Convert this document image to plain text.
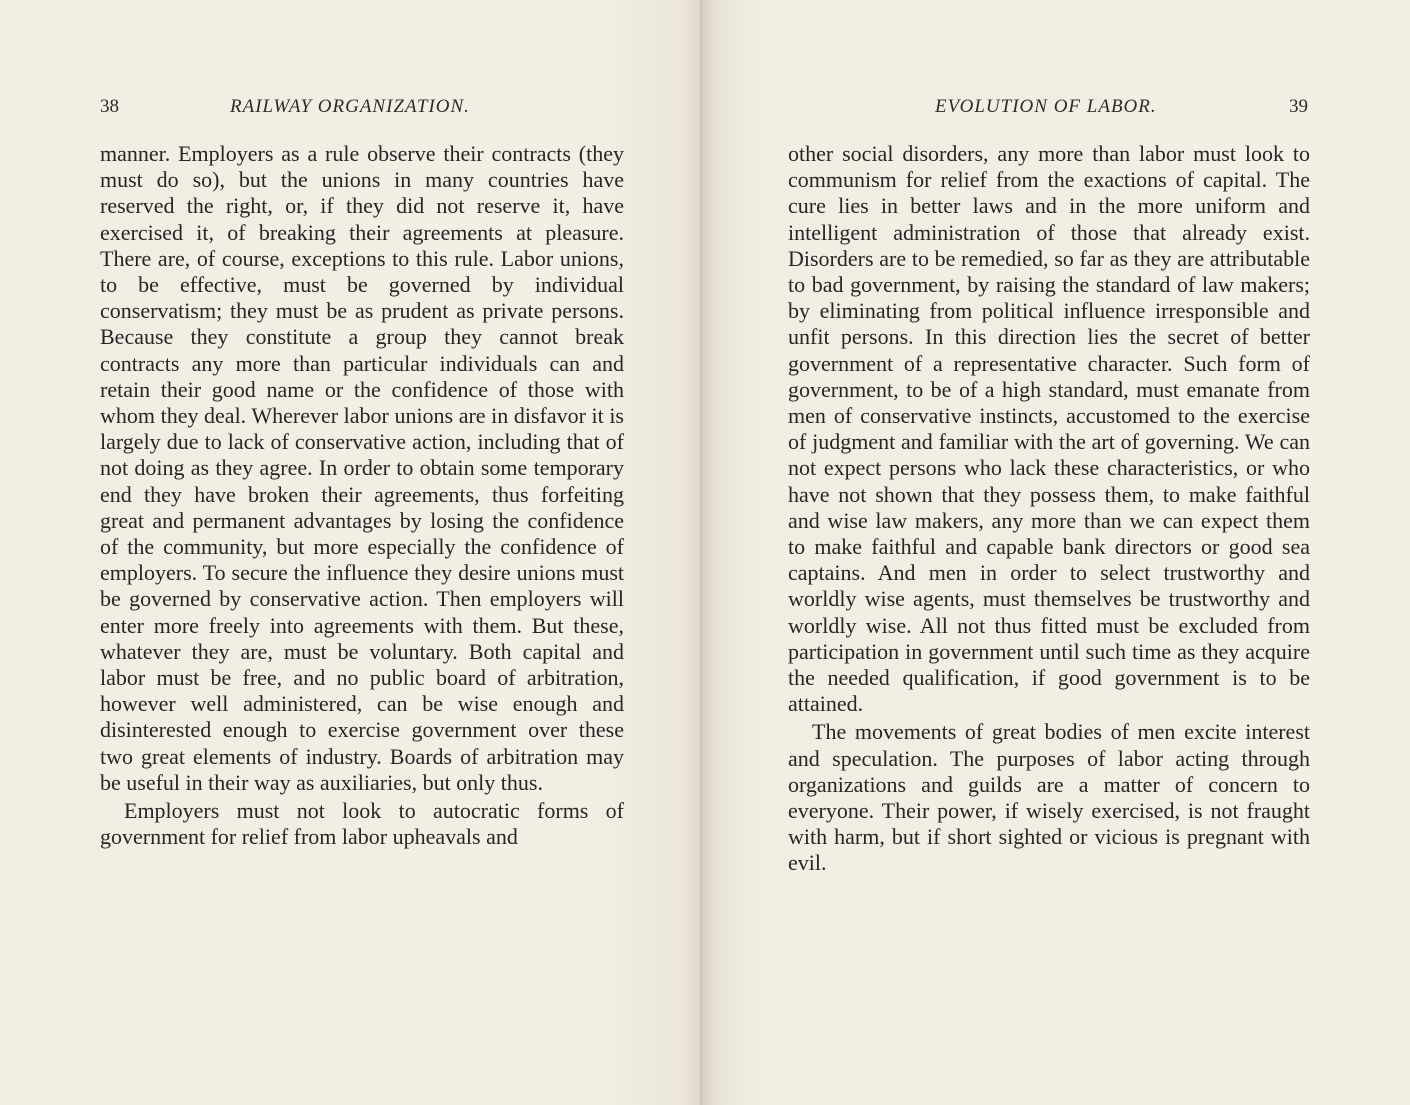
38	RAILWAY ORGANIZATION.

manner. Employers as a rule observe their contracts (they must do so), but the unions in many countries have reserved the right, or, if they did not reserve it, have exercised it, of breaking their agreements at pleasure. There are, of course, exceptions to this rule. Labor unions, to be effective, must be governed by individual conservatism; they must be as prudent as private persons. Because they constitute a group they cannot break contracts any more than particular individuals can and retain their good name or the confidence of those with whom they deal. Wherever labor unions are in disfavor it is largely due to lack of conservative action, including that of not doing as they agree. In order to obtain some temporary end they have broken their agreements, thus forfeiting great and permanent advantages by losing the confidence of the community, but more especially the confidence of employers. To secure the influence they desire unions must be governed by conservative action. Then employers will enter more freely into agreements with them. But these, whatever they are, must be voluntary. Both capital and labor must be free, and no public board of arbitration, however well administered, can be wise enough and disinterested enough to exercise government over these two great elements of industry. Boards of arbitration may be useful in their way as auxiliaries, but only thus.

Employers must not look to autocratic forms of government for relief from labor upheavals and

EVOLUTION OF LABOR.	39

other social disorders, any more than labor must look to communism for relief from the exactions of capital. The cure lies in better laws and in the more uniform and intelligent administration of those that already exist. Disorders are to be remedied, so far as they are attributable to bad government, by raising the standard of law makers; by eliminating from political influence irresponsible and unfit persons. In this direction lies the secret of better government of a representative character. Such form of government, to be of a high standard, must emanate from men of conservative instincts, accustomed to the exercise of judgment and familiar with the art of governing. We can not expect persons who lack these characteristics, or who have not shown that they possess them, to make faithful and wise law makers, any more than we can expect them to make faithful and capable bank directors or good sea captains. And men in order to select trustworthy and worldly wise agents, must themselves be trustworthy and worldly wise. All not thus fitted must be excluded from participation in government until such time as they acquire the needed qualification, if good government is to be attained.

The movements of great bodies of men excite interest and speculation. The purposes of labor acting through organizations and guilds are a matter of concern to everyone. Their power, if wisely exercised, is not fraught with harm, but if short sighted or vicious is pregnant with evil.
